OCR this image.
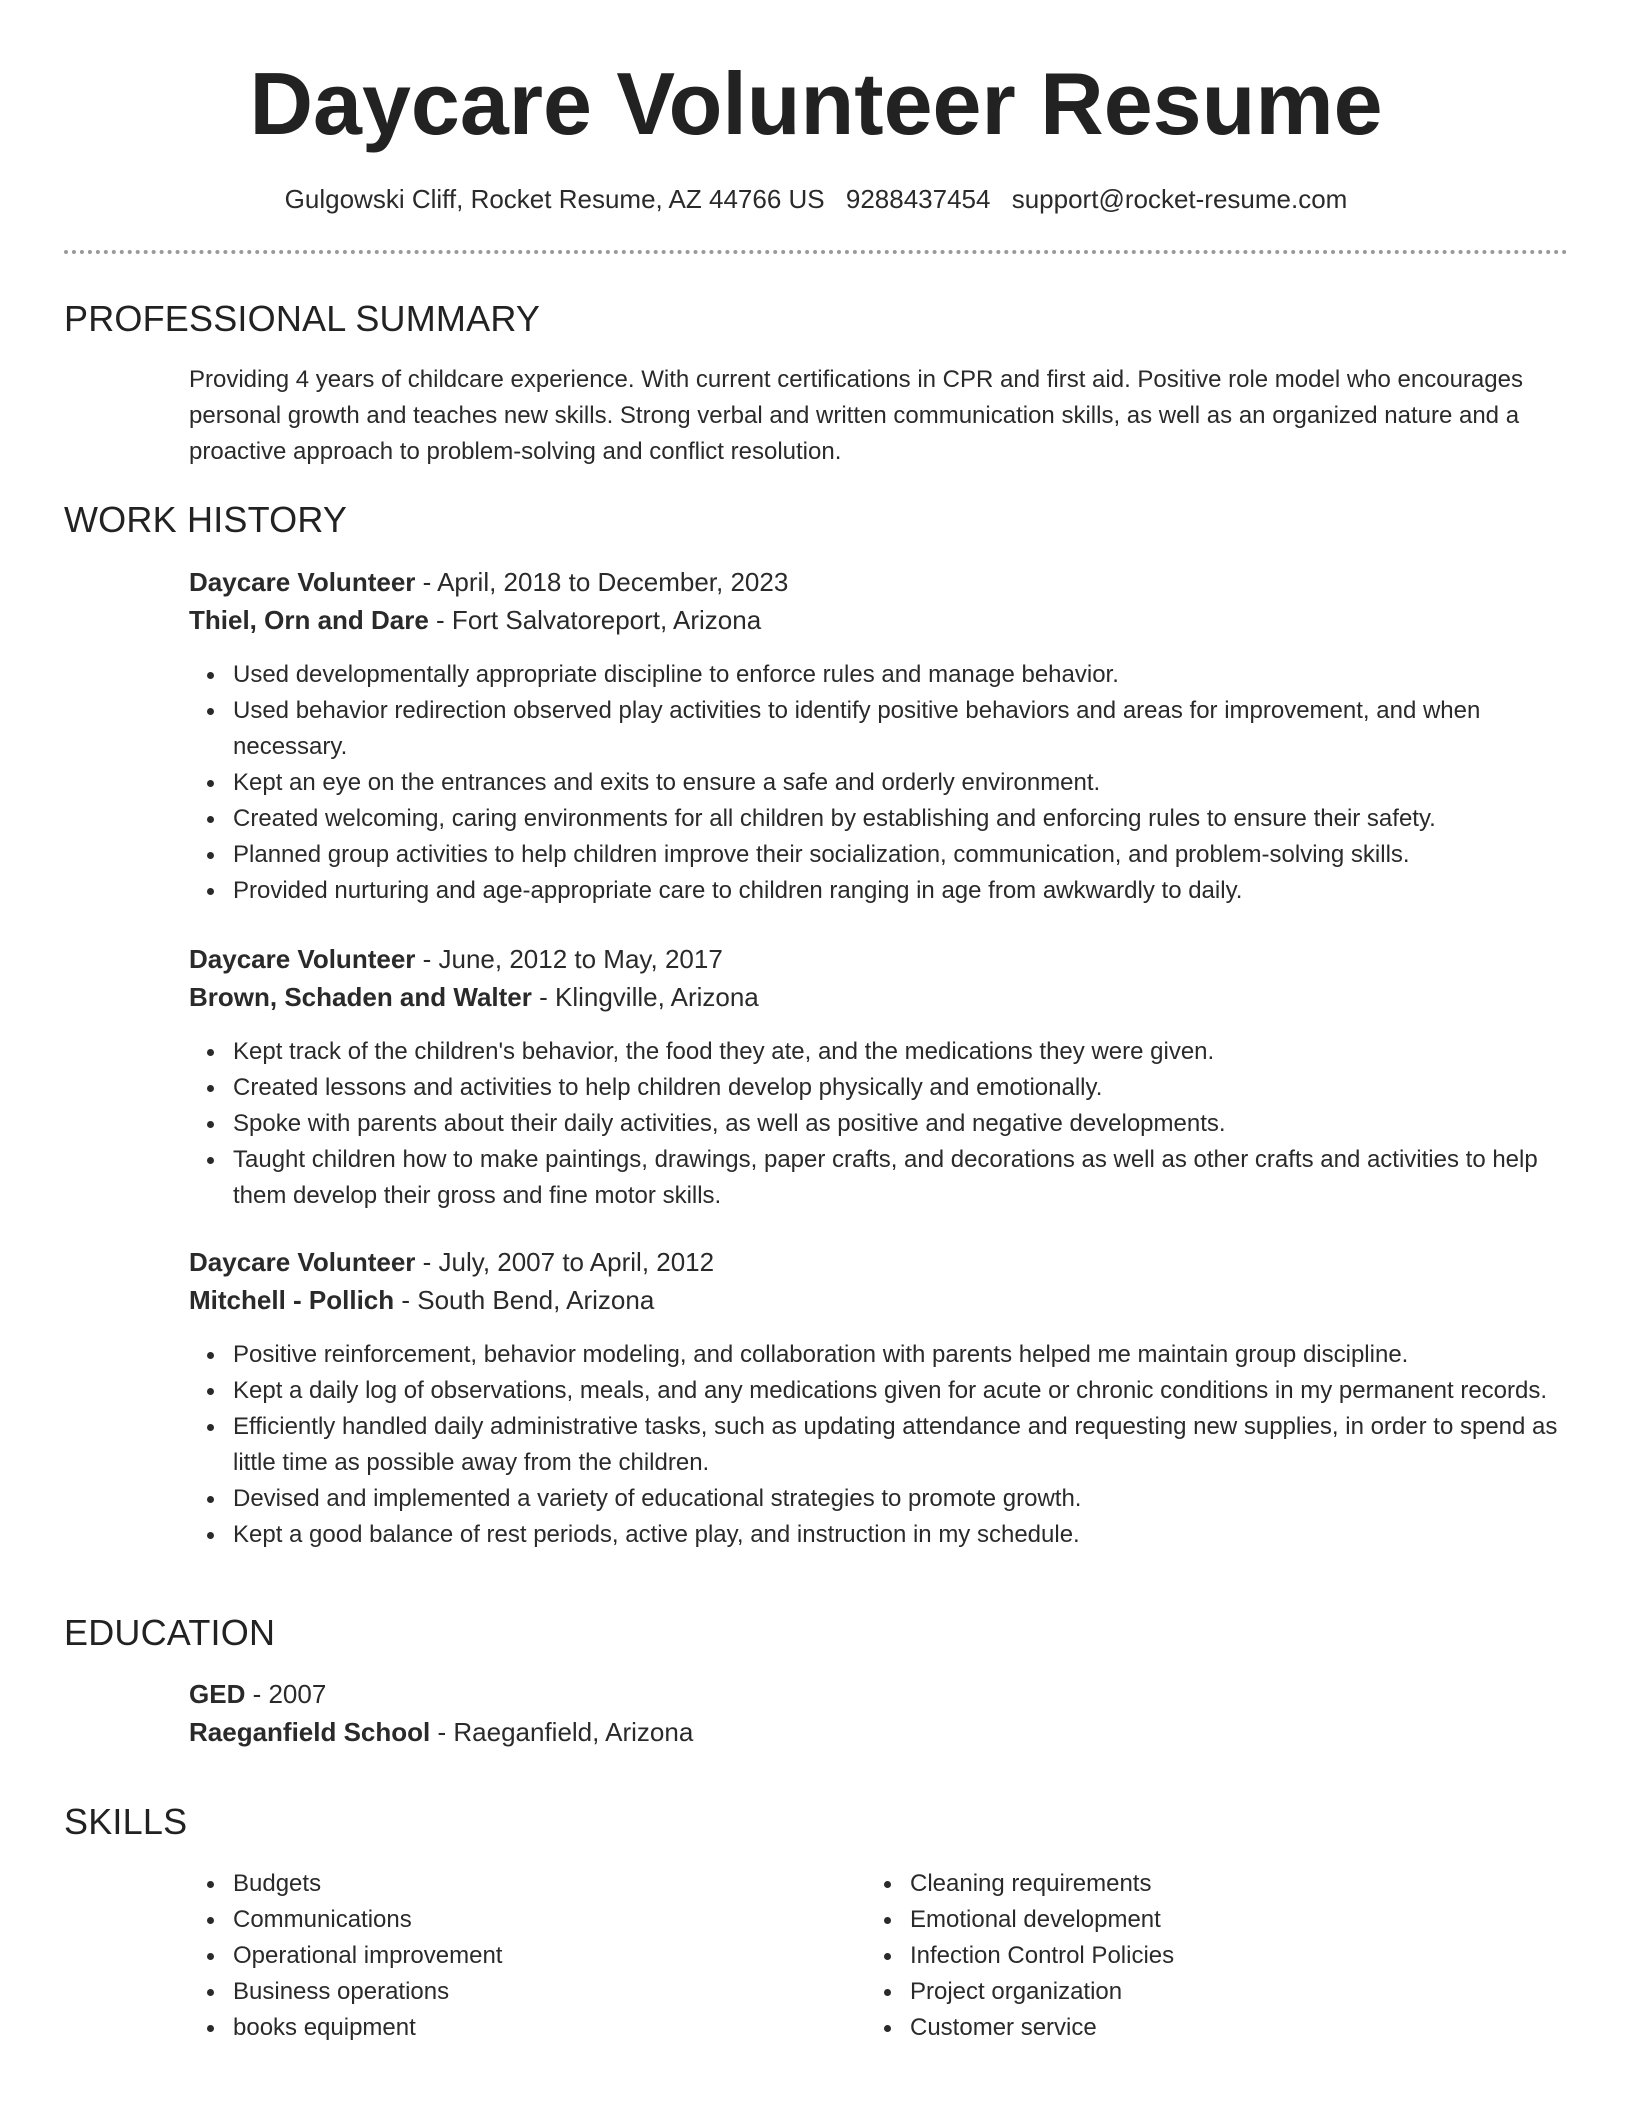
Daycare Volunteer Resume
Gulgowski Cliff, Rocket Resume, AZ 44766 US 9288437454 support@rocket-resume.com
PROFESSIONAL SUMMARY

Providing 4 years of childcare experience. With current certifications in CPR and first aid. Positive role model who encourages personal growth and teaches new skills. Strong verbal and written communication skills, as well as an organized nature and a proactive approach to problem-solving and conflict resolution.

WORK HISTORY
Daycare Volunteer - April, 2018 to December, 2023
Thiel, Orn and Dare - Fort Salvatoreport, Arizona
Used developmentally appropriate discipline to enforce rules and manage behavior.
Used behavior redirection observed play activities to identify positive behaviors and areas for improvement, and when necessary.
Kept an eye on the entrances and exits to ensure a safe and orderly environment.
Created welcoming, caring environments for all children by establishing and enforcing rules to ensure their safety.
Planned group activities to help children improve their socialization, communication, and problem-solving skills.
Provided nurturing and age-appropriate care to children ranging in age from awkwardly to daily.
Daycare Volunteer - June, 2012 to May, 2017
Brown, Schaden and Walter - Klingville, Arizona
Kept track of the children's behavior, the food they ate, and the medications they were given.
Created lessons and activities to help children develop physically and emotionally.
Spoke with parents about their daily activities, as well as positive and negative developments.
Taught children how to make paintings, drawings, paper crafts, and decorations as well as other crafts and activities to help them develop their gross and fine motor skills.
Daycare Volunteer - July, 2007 to April, 2012
Mitchell - Pollich - South Bend, Arizona
Positive reinforcement, behavior modeling, and collaboration with parents helped me maintain group discipline.
Kept a daily log of observations, meals, and any medications given for acute or chronic conditions in my permanent records.
Efficiently handled daily administrative tasks, such as updating attendance and requesting new supplies, in order to spend as little time as possible away from the children.
Devised and implemented a variety of educational strategies to promote growth.
Kept a good balance of rest periods, active play, and instruction in my schedule.
EDUCATION
GED - 2007
Raeganfield School - Raeganfield, Arizona
SKILLS
Budgets
Communications
Operational improvement
Business operations
books equipment
Cleaning requirements
Emotional development
Infection Control Policies
Project organization
Customer service
